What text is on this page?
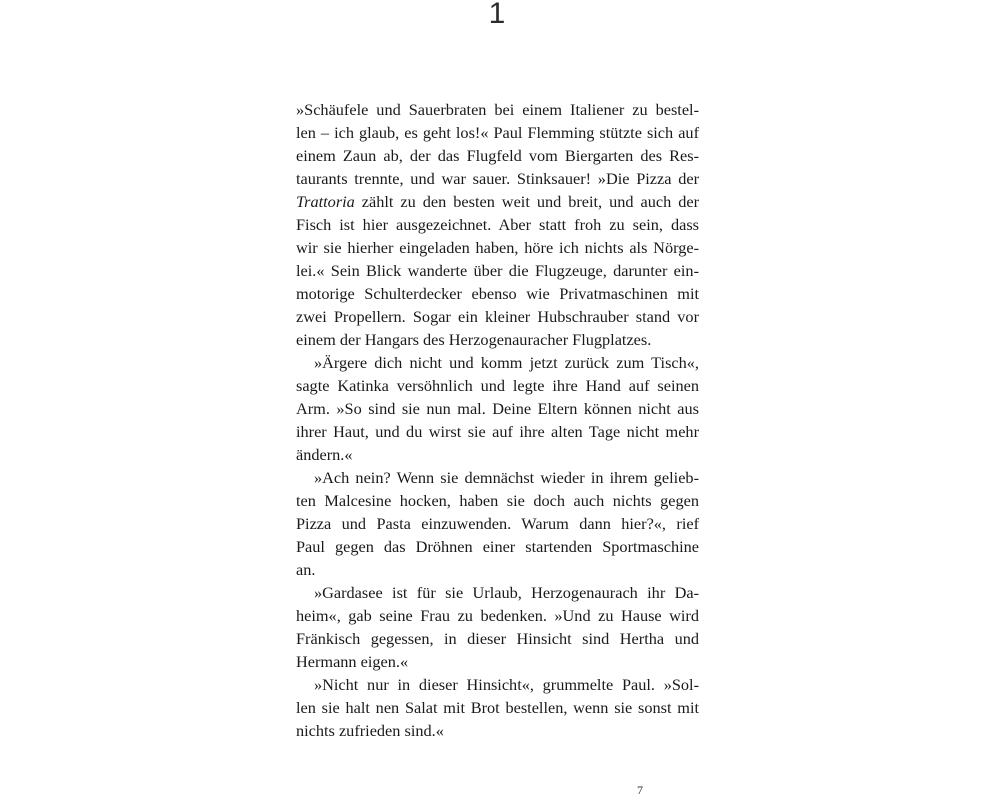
1
»Schäufele und Sauerbraten bei einem Italiener zu bestel-
len – ich glaub, es geht los!« Paul Flemming stützte sich auf
einem Zaun ab, der das Flugfeld vom Biergarten des Res-
taurants trennte, und war sauer. Stinksauer! »Die Pizza der
Trattoria zählt zu den besten weit und breit, und auch der
Fisch ist hier ausgezeichnet. Aber statt froh zu sein, dass
wir sie hierher eingeladen haben, höre ich nichts als Nörge-
lei.« Sein Blick wanderte über die Flugzeuge, darunter ein-
motorige Schulterdecker ebenso wie Privatmaschinen mit
zwei Propellern. Sogar ein kleiner Hubschrauber stand vor
einem der Hangars des Herzogenauracher Flugplatzes.
»Ärgere dich nicht und komm jetzt zurück zum Tisch«,
sagte Katinka versöhnlich und legte ihre Hand auf seinen
Arm. »So sind sie nun mal. Deine Eltern können nicht aus
ihrer Haut, und du wirst sie auf ihre alten Tage nicht mehr
ändern.«
»Ach nein? Wenn sie demnächst wieder in ihrem gelieb-
ten Malcesine hocken, haben sie doch auch nichts gegen
Pizza und Pasta einzuwenden. Warum dann hier?«, rief
Paul gegen das Dröhnen einer startenden Sportmaschine
an.
»Gardasee ist für sie Urlaub, Herzogenaurach ihr Da-
heim«, gab seine Frau zu bedenken. »Und zu Hause wird
Fränkisch gegessen, in dieser Hinsicht sind Hertha und
Hermann eigen.«
»Nicht nur in dieser Hinsicht«, grummelte Paul. »Sol-
len sie halt nen Salat mit Brot bestellen, wenn sie sonst mit
nichts zufrieden sind.«
7
